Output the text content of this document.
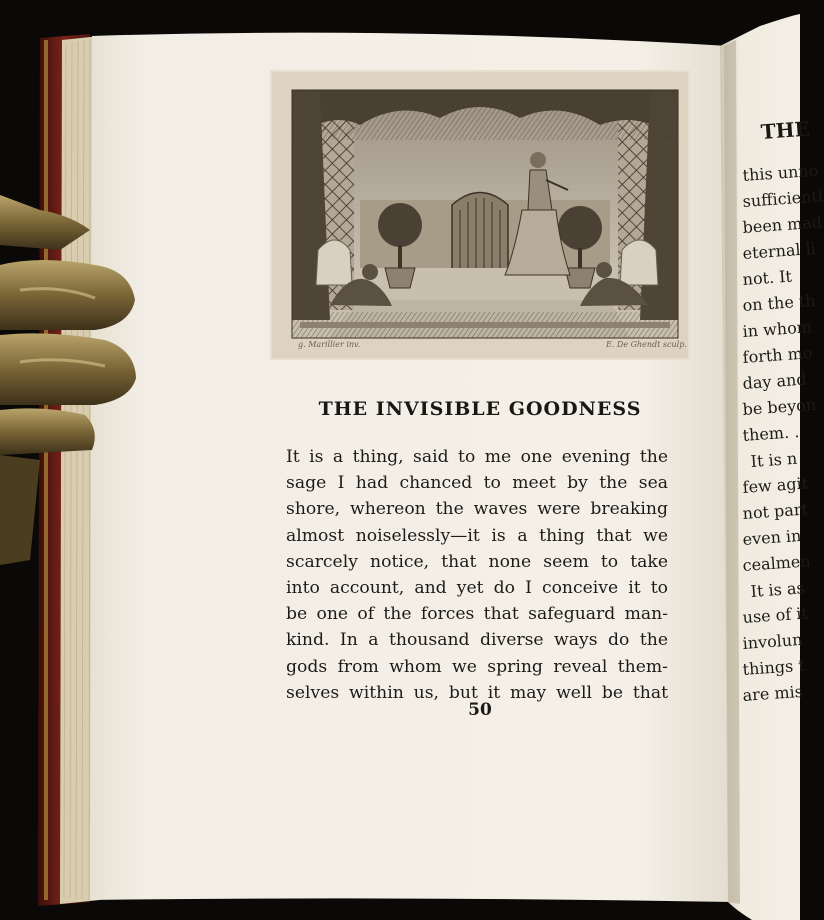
g. Marillier inv.	E. De Ghendt sculp.
THE INVISIBLE GOODNESS
It is a thing, said to me one evening the
sage I had chanced to meet by the sea
shore, whereon the waves were breaking
almost noiselessly—it is a thing that we
scarcely notice, that none seem to take
into account, and yet do I conceive it to
be one of the forces that safeguard man-
kind. In a thousand diverse ways do the
gods from whom we spring reveal them-
selves within us, but it may well be that
50
THE
this unno
sufficientl
been mad
eternal li
not. It
on the th
in whom
forth mo
day and
be beyon
them. .
It is n
few agit
not part
even in
cealmen
It is as
use of it
involun
things t
are mis
